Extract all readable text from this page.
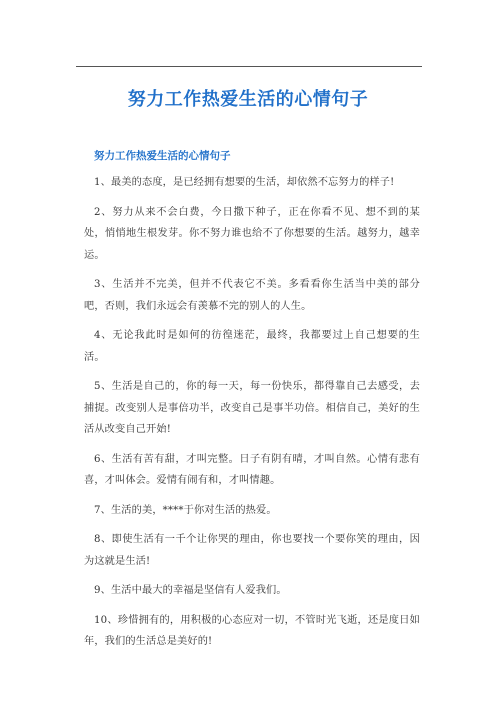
努力工作热爱生活的心情句子
努力工作热爱生活的心情句子

1、最美的态度，是已经拥有想要的生活，却依然不忘努力的样子!

2、努力从来不会白费，今日撒下种子，正在你看不见、想不到的某处，悄悄地生根发芽。你不努力谁也给不了你想要的生活。越努力，越幸运。

3、生活并不完美，但并不代表它不美。多看看你生活当中美的部分吧，否则，我们永远会有羡慕不完的别人的人生。

4、无论我此时是如何的彷徨迷茫，最终，我都要过上自己想要的生活。

5、生活是自己的，你的每一天，每一份快乐，都得靠自己去感受，去捕捉。改变别人是事倍功半，改变自己是事半功倍。相信自己，美好的生活从改变自己开始!

6、生活有苦有甜，才叫完整。日子有阴有晴，才叫自然。心情有悲有喜，才叫体会。爱情有闹有和，才叫情趣。

7、生活的美，****于你对生活的热爱。

8、即使生活有一千个让你哭的理由，你也要找一个要你笑的理由，因为这就是生活!

9、生活中最大的幸福是坚信有人爱我们。

10、珍惜拥有的，用积极的心态应对一切，不管时光飞逝，还是度日如年，我们的生活总是美好的!
